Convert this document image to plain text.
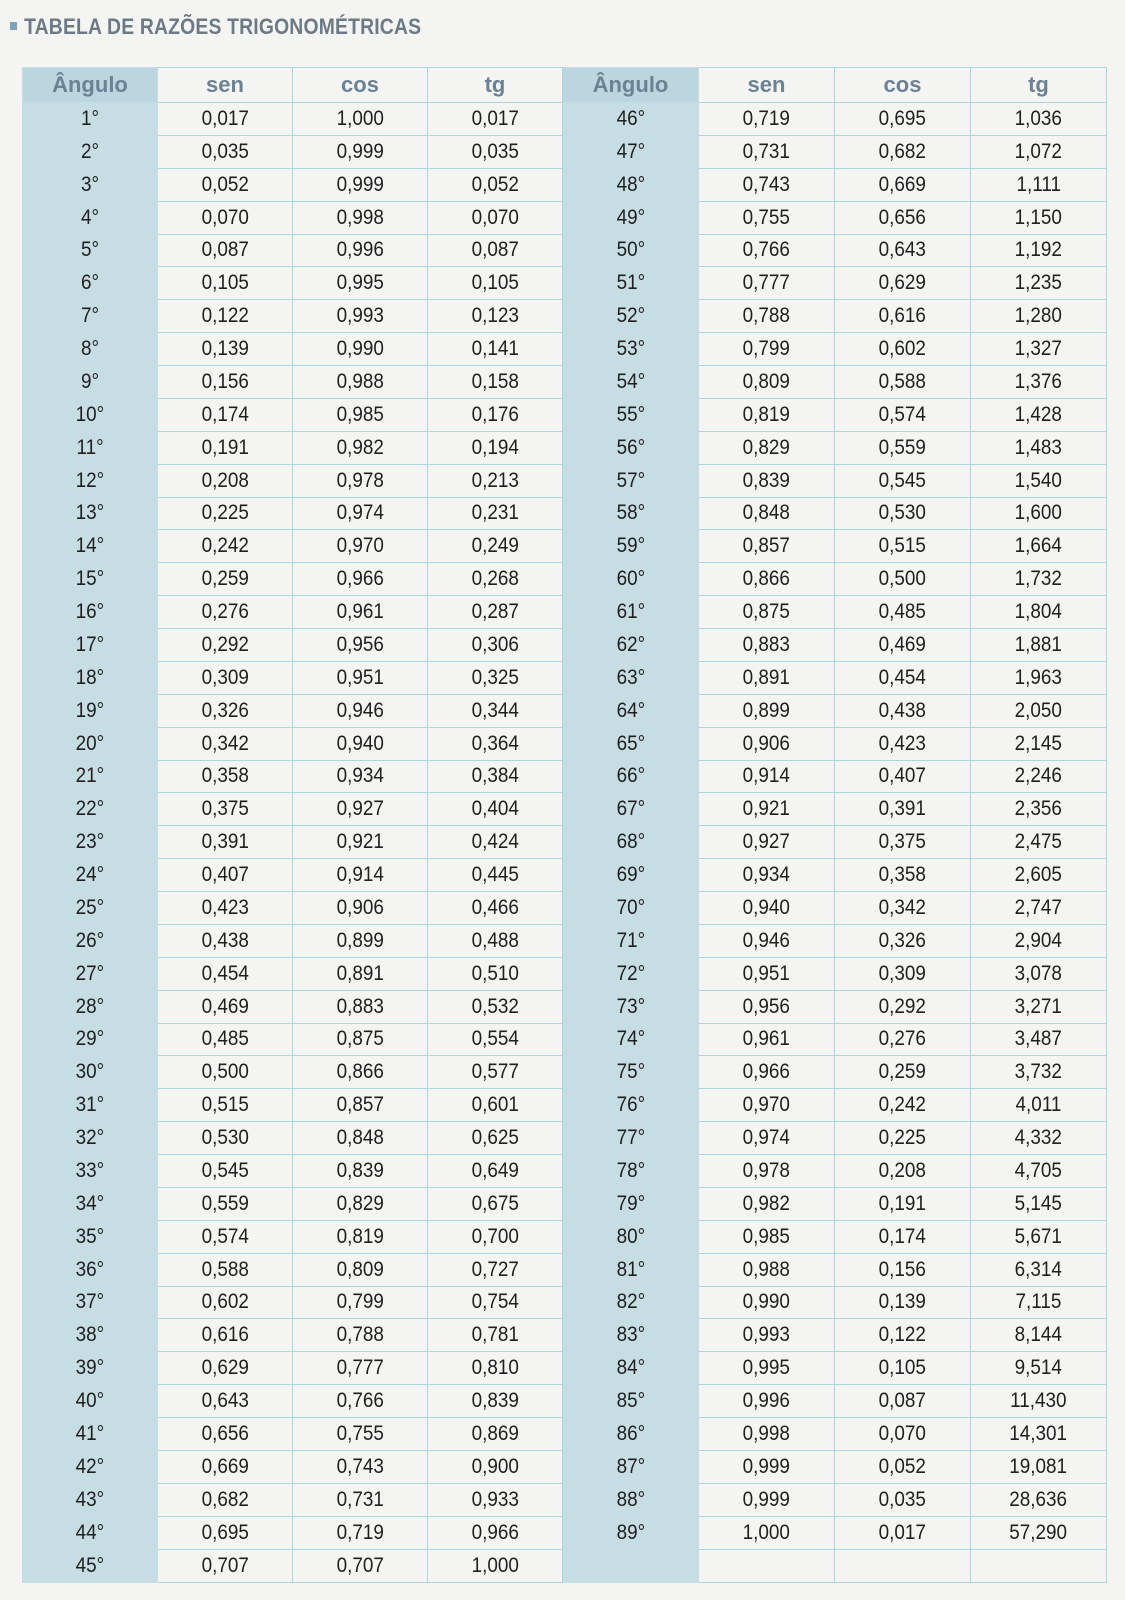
TABELA DE RAZÕES TRIGONOMÉTRICAS
Ângulo	sen	cos	tg	Ângulo	sen	cos	tg
1°	0,017	1,000	0,017	46°	0,719	0,695	1,036
2°	0,035	0,999	0,035	47°	0,731	0,682	1,072
3°	0,052	0,999	0,052	48°	0,743	0,669	1,111
4°	0,070	0,998	0,070	49°	0,755	0,656	1,150
5°	0,087	0,996	0,087	50°	0,766	0,643	1,192
6°	0,105	0,995	0,105	51°	0,777	0,629	1,235
7°	0,122	0,993	0,123	52°	0,788	0,616	1,280
8°	0,139	0,990	0,141	53°	0,799	0,602	1,327
9°	0,156	0,988	0,158	54°	0,809	0,588	1,376
10°	0,174	0,985	0,176	55°	0,819	0,574	1,428
11°	0,191	0,982	0,194	56°	0,829	0,559	1,483
12°	0,208	0,978	0,213	57°	0,839	0,545	1,540
13°	0,225	0,974	0,231	58°	0,848	0,530	1,600
14°	0,242	0,970	0,249	59°	0,857	0,515	1,664
15°	0,259	0,966	0,268	60°	0,866	0,500	1,732
16°	0,276	0,961	0,287	61°	0,875	0,485	1,804
17°	0,292	0,956	0,306	62°	0,883	0,469	1,881
18°	0,309	0,951	0,325	63°	0,891	0,454	1,963
19°	0,326	0,946	0,344	64°	0,899	0,438	2,050
20°	0,342	0,940	0,364	65°	0,906	0,423	2,145
21°	0,358	0,934	0,384	66°	0,914	0,407	2,246
22°	0,375	0,927	0,404	67°	0,921	0,391	2,356
23°	0,391	0,921	0,424	68°	0,927	0,375	2,475
24°	0,407	0,914	0,445	69°	0,934	0,358	2,605
25°	0,423	0,906	0,466	70°	0,940	0,342	2,747
26°	0,438	0,899	0,488	71°	0,946	0,326	2,904
27°	0,454	0,891	0,510	72°	0,951	0,309	3,078
28°	0,469	0,883	0,532	73°	0,956	0,292	3,271
29°	0,485	0,875	0,554	74°	0,961	0,276	3,487
30°	0,500	0,866	0,577	75°	0,966	0,259	3,732
31°	0,515	0,857	0,601	76°	0,970	0,242	4,011
32°	0,530	0,848	0,625	77°	0,974	0,225	4,332
33°	0,545	0,839	0,649	78°	0,978	0,208	4,705
34°	0,559	0,829	0,675	79°	0,982	0,191	5,145
35°	0,574	0,819	0,700	80°	0,985	0,174	5,671
36°	0,588	0,809	0,727	81°	0,988	0,156	6,314
37°	0,602	0,799	0,754	82°	0,990	0,139	7,115
38°	0,616	0,788	0,781	83°	0,993	0,122	8,144
39°	0,629	0,777	0,810	84°	0,995	0,105	9,514
40°	0,643	0,766	0,839	85°	0,996	0,087	11,430
41°	0,656	0,755	0,869	86°	0,998	0,070	14,301
42°	0,669	0,743	0,900	87°	0,999	0,052	19,081
43°	0,682	0,731	0,933	88°	0,999	0,035	28,636
44°	0,695	0,719	0,966	89°	1,000	0,017	57,290
45°	0,707	0,707	1,000				
